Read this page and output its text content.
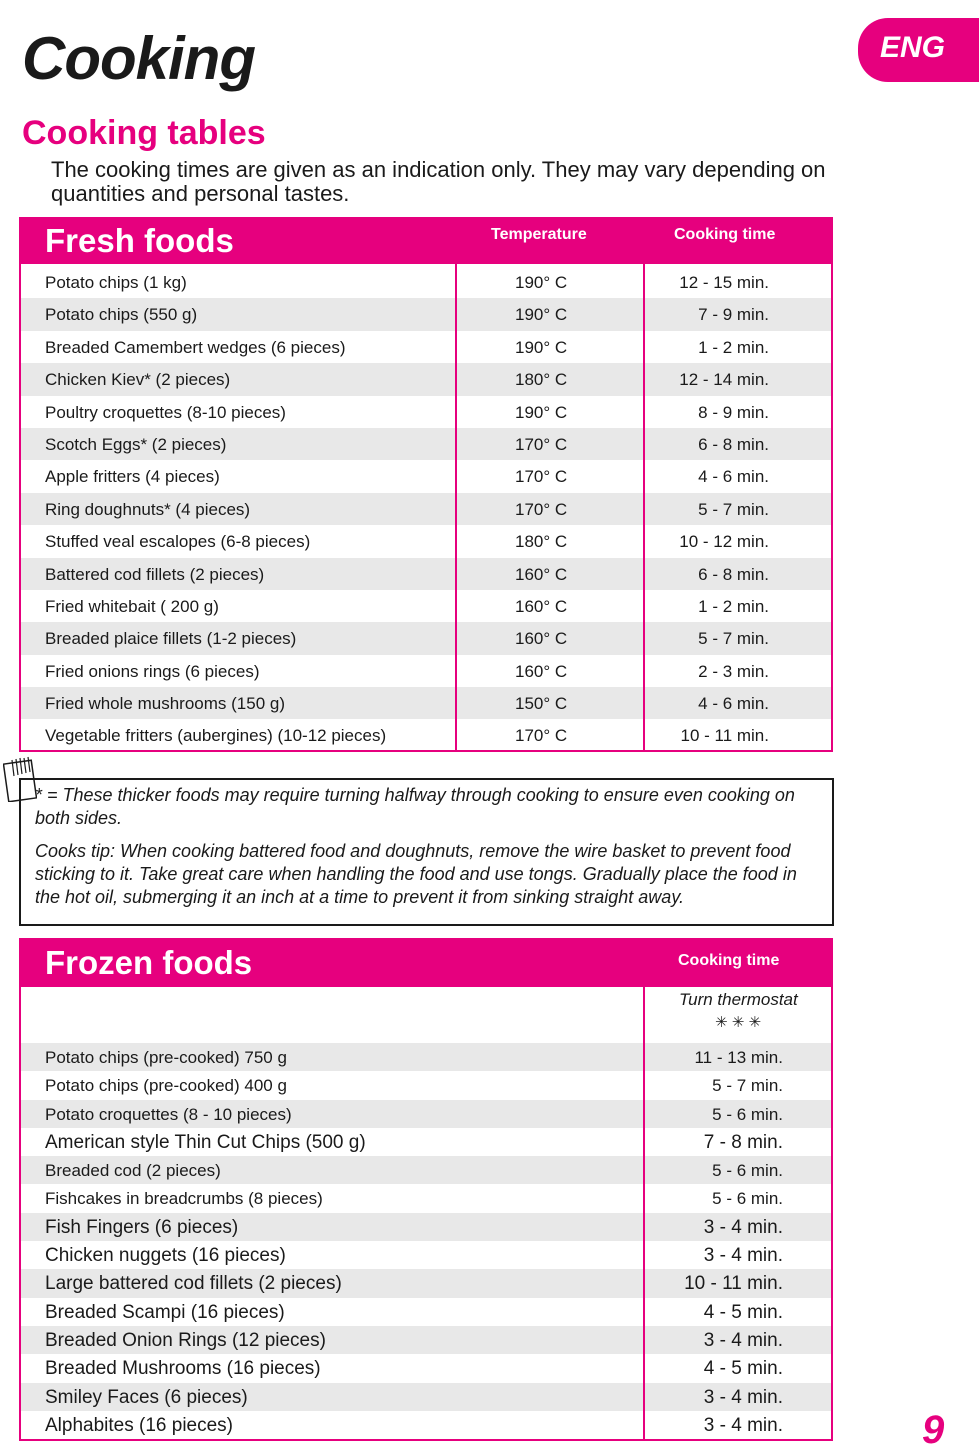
Cooking	ENG
Cooking tables
The cooking times are given as an indication only. They may vary depending on quantities and personal tastes.
Fresh foods	Temperature	Cooking time
Potato chips (1 kg)	190° C	12 - 15 min.
Potato chips (550 g)	190° C	7 - 9 min.
Breaded Camembert wedges (6 pieces)	190° C	1 - 2 min.
Chicken Kiev* (2 pieces)	180° C	12 - 14 min.
Poultry croquettes (8-10 pieces)	190° C	8 - 9 min.
Scotch Eggs* (2 pieces)	170° C	6 - 8 min.
Apple fritters (4 pieces)	170° C	4 - 6 min.
Ring doughnuts* (4 pieces)	170° C	5 - 7 min.
Stuffed veal escalopes (6-8 pieces)	180° C	10 - 12 min.
Battered cod fillets (2 pieces)	160° C	6 - 8 min.
Fried whitebait ( 200 g)	160° C	1 - 2 min.
Breaded plaice fillets (1-2 pieces)	160° C	5 - 7 min.
Fried onions rings (6 pieces)	160° C	2 - 3 min.
Fried whole mushrooms (150 g)	150° C	4 - 6 min.
Vegetable fritters (aubergines) (10-12 pieces)	170° C	10 - 11 min.

* = These thicker foods may require turning halfway through cooking to ensure even cooking on both sides.

Cooks tip: When cooking battered food and doughnuts, remove the wire basket to prevent food sticking to it. Take great care when handling the food and use tongs. Gradually place the food in the hot oil, submerging it an inch at a time to prevent it from sinking straight away.

Frozen foods	Cooking time
Turn thermostat
✳ ✳ ✳
Potato chips (pre-cooked) 750 g	11 - 13 min.
Potato chips (pre-cooked) 400 g	5 - 7 min.
Potato croquettes (8 - 10 pieces)	5 - 6 min.
American style Thin Cut Chips (500 g)	7 - 8 min.
Breaded cod (2 pieces)	5 - 6 min.
Fishcakes in breadcrumbs (8 pieces)	5 - 6 min.
Fish Fingers (6 pieces)	3 - 4 min.
Chicken nuggets (16 pieces)	3 - 4 min.
Large battered cod fillets (2 pieces)	10 - 11 min.
Breaded Scampi (16 pieces)	4 - 5 min.
Breaded Onion Rings (12 pieces)	3 - 4 min.
Breaded Mushrooms (16 pieces)	4 - 5 min.
Smiley Faces (6 pieces)	3 - 4 min.
Alphabites (16 pieces)	3 - 4 min.	9
